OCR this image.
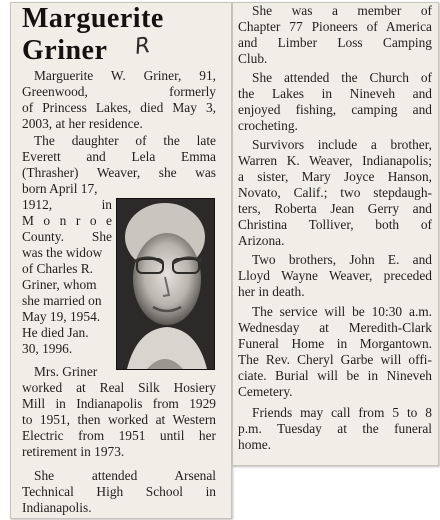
Marguerite
Griner R
Marguerite W. Griner, 91,
Greenwood, formerly
of Princess Lakes, died May 3,
2003, at her residence.
The daughter of the late
Everett and Lela Emma
(Thrasher) Weaver, she was
born April 17,
1912, in
M o n r o e
County. She
was the widow
of Charles R.
Griner, whom
she married on
May 19, 1954.
He died Jan.
30, 1996.
Mrs. Griner
worked at Real Silk Hosiery
Mill in Indianapolis from 1929
to 1951, then worked at Western
Electric from 1951 until her
retirement in 1973.
She attended Arsenal
Technical High School in
Indianapolis.
She was a member of
Chapter 77 Pioneers of America
and Limber Loss Camping
Club.
She attended the Church of
the Lakes in Nineveh and
enjoyed fishing, camping and
crocheting.
Survivors include a brother,
Warren K. Weaver, Indianapolis;
a sister, Mary Joyce Hanson,
Novato, Calif.; two stepdaugh-
ters, Roberta Jean Gerry and
Christina Tolliver, both of
Arizona.
Two brothers, John E. and
Lloyd Wayne Weaver, preceded
her in death.
The service will be 10:30 a.m.
Wednesday at Meredith-Clark
Funeral Home in Morgantown.
The Rev. Cheryl Garbe will offi-
ciate. Burial will be in Nineveh
Cemetery.
Friends may call from 5 to 8
p.m. Tuesday at the funeral
home.
